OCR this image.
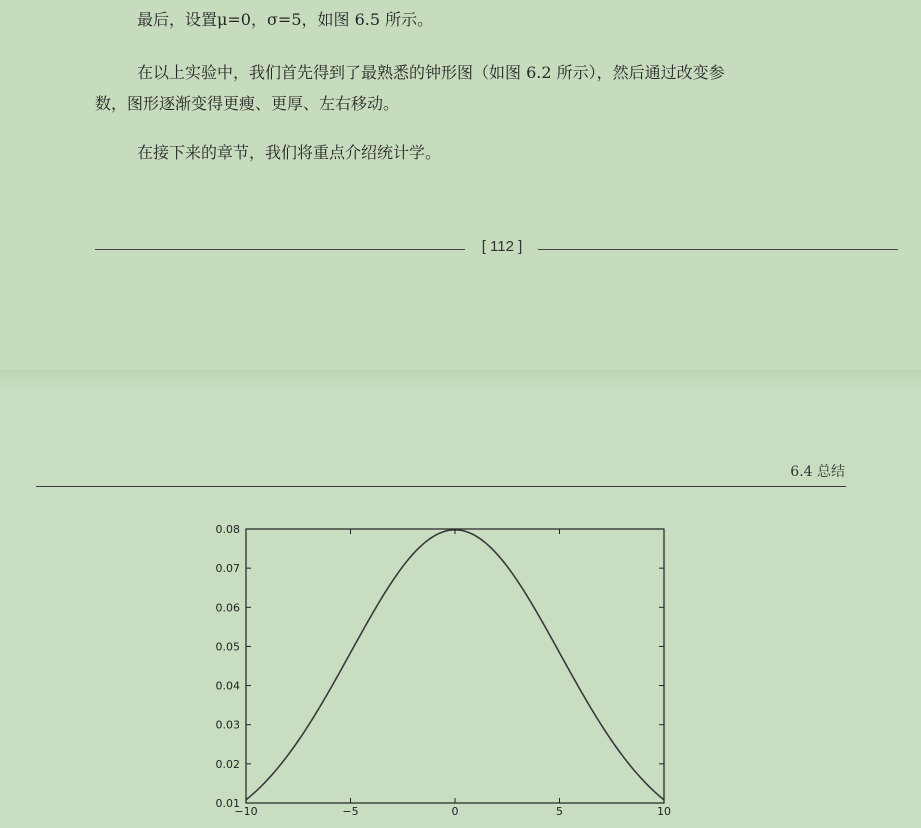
最后，设置μ=0，σ=5，如图 6.5 所示。
在以上实验中，我们首先得到了最熟悉的钟形图（如图 6.2 所示），然后通过改变参
数，图形逐渐变得更瘦、更厚、左右移动。
在接下来的章节，我们将重点介绍统计学。
[ 112 ]
6.4 总结
0.01
0.02
0.03
0.04
0.05
0.06
0.07
0.08
−10	−5	0	5	10
